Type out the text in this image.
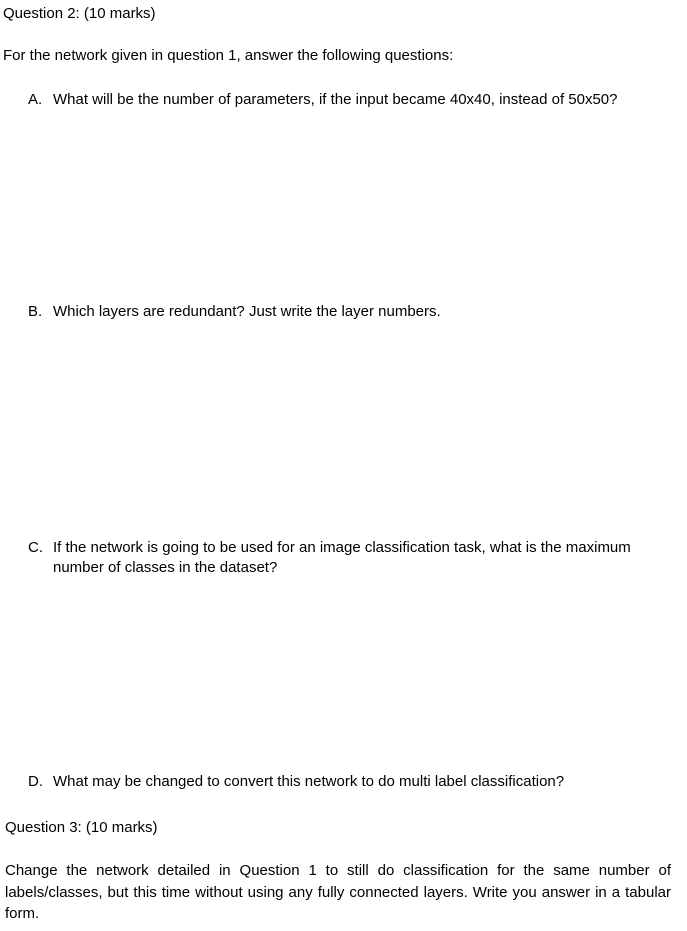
Question 2: (10 marks)
For the network given in question 1, answer the following questions:
A. What will be the number of parameters, if the input became 40x40, instead of 50x50?
B. Which layers are redundant? Just write the layer numbers.
C. If the network is going to be used for an image classification task, what is the maximum
number of classes in the dataset?
D. What may be changed to convert this network to do multi label classification?
Question 3: (10 marks)
Change the network detailed in Question 1 to still do classification for the same number of labels/classes, but this time without using any fully connected layers. Write you answer in a tabular form.
